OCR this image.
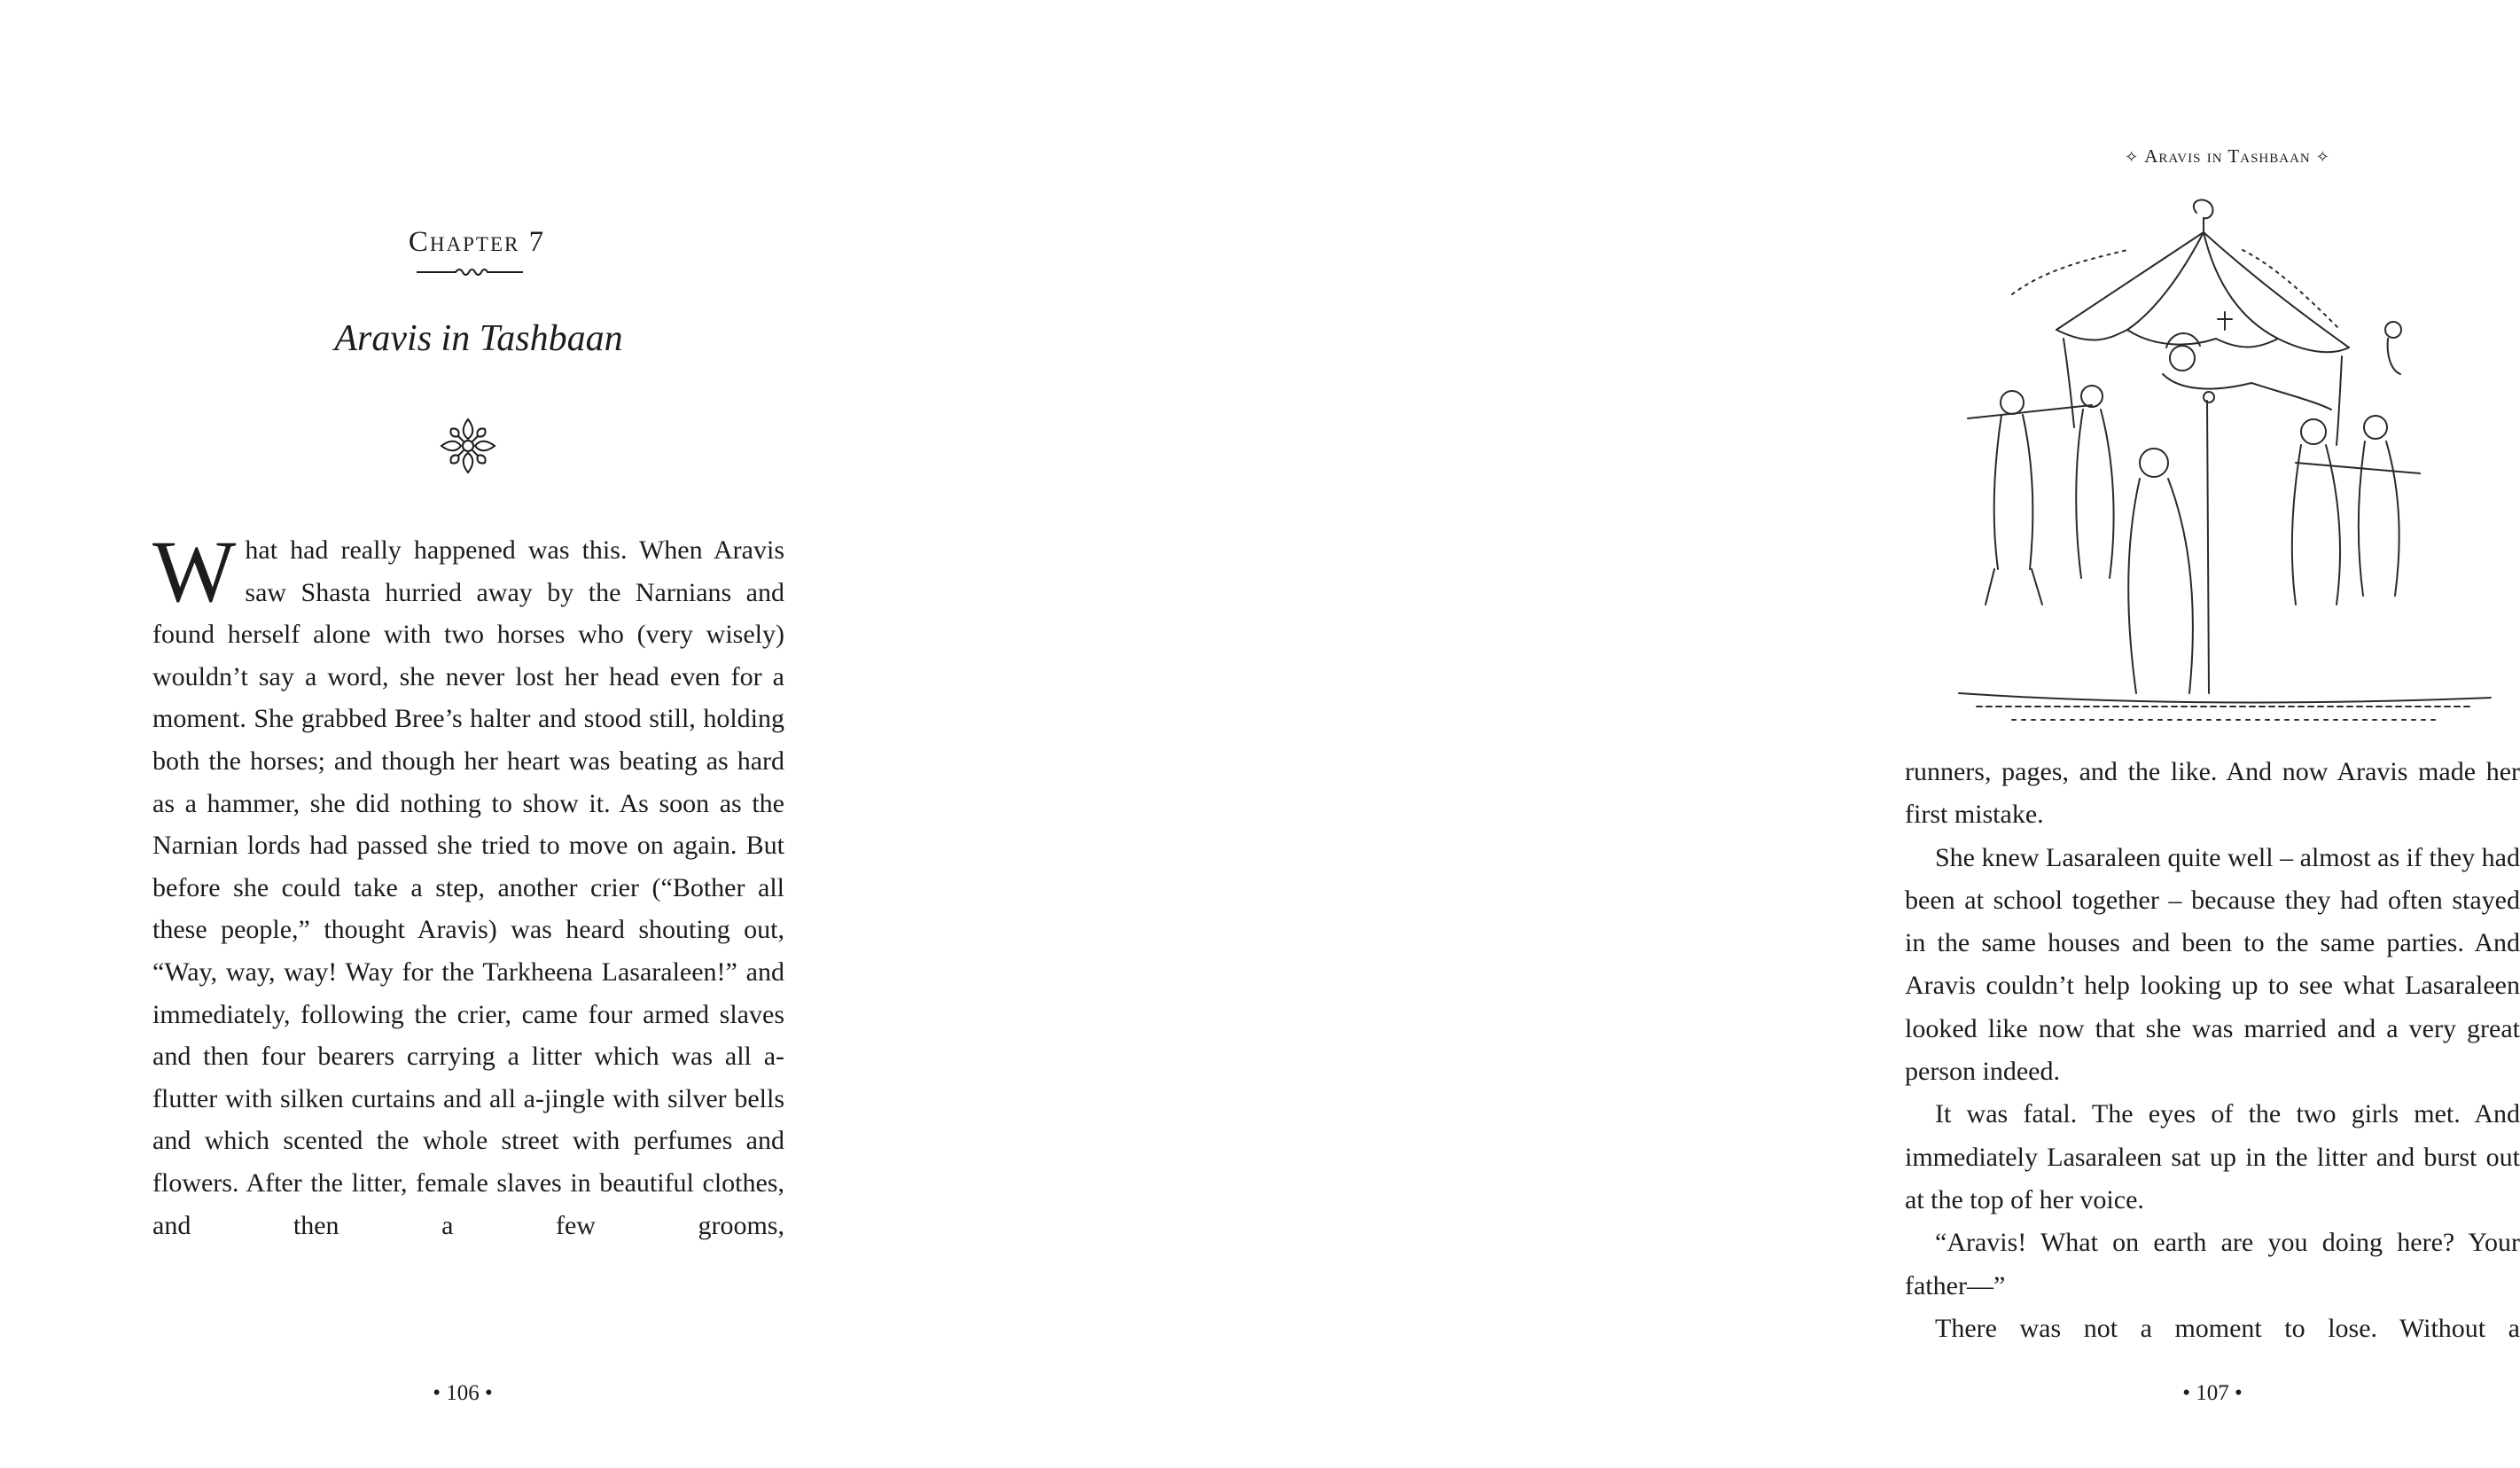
Chapter 7
Aravis in Tashbaan
What had really happened was this. When Aravis saw Shasta hurried away by the Narnians and found herself alone with two horses who (very wisely) wouldn’t say a word, she never lost her head even for a moment. She grabbed Bree’s halter and stood still, holding both the horses; and though her heart was beating as hard as a hammer, she did nothing to show it. As soon as the Narnian lords had passed she tried to move on again. But before she could take a step, another crier (“Bother all these people,” thought Aravis) was heard shouting out, “Way, way, way! Way for the Tarkheena Lasaraleen!” and immediately, following the crier, came four armed slaves and then four bearers carrying a litter which was all a-flutter with silken curtains and all a-jingle with silver bells and which scented the whole street with perfumes and flowers. After the litter, female slaves in beautiful clothes, and then a few grooms,
• 106 •
✧ Aravis in Tashbaan ✧

runners, pages, and the like. And now Aravis made her first mistake.

She knew Lasaraleen quite well – almost as if they had been at school together – because they had often stayed in the same houses and been to the same parties. And Aravis couldn’t help looking up to see what Lasaraleen looked like now that she was married and a very great person indeed.

It was fatal. The eyes of the two girls met. And immediately Lasaraleen sat up in the litter and burst out at the top of her voice.

“Aravis! What on earth are you doing here? Your father—”

There was not a moment to lose. Without a

• 107 •
